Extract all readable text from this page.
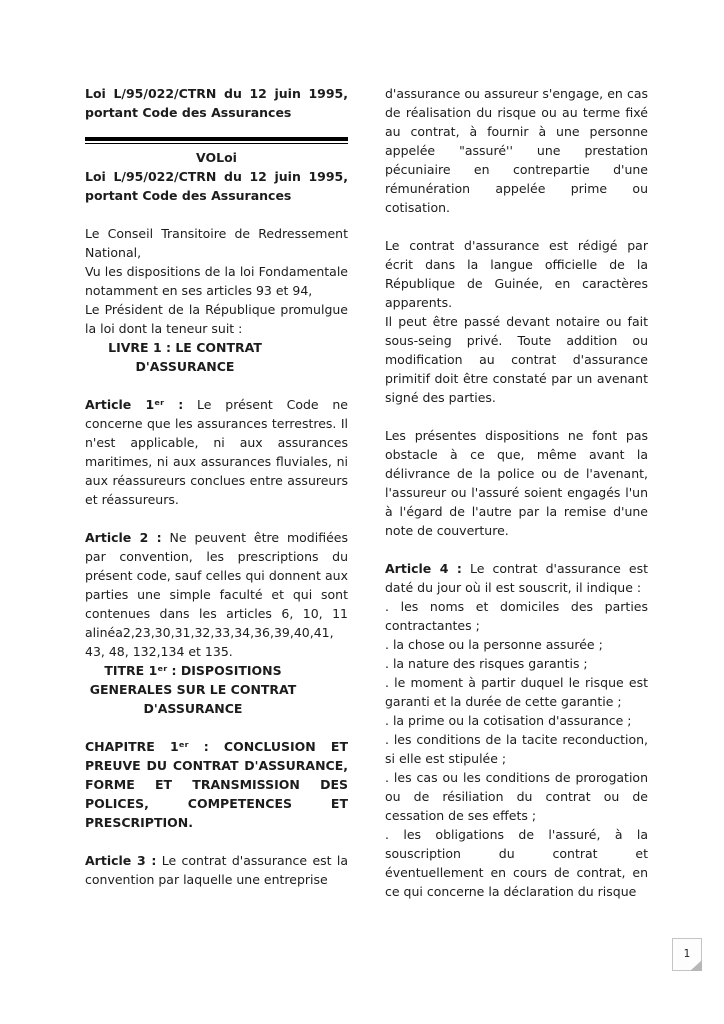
Loi L/95/022/CTRN du 12 juin 1995, portant Code des Assurances

VOLoi

Loi L/95/022/CTRN du 12 juin 1995, portant Code des Assurances

Le Conseil Transitoire de Redressement National,

Vu les dispositions de la loi Fondamentale notamment en ses articles 93 et 94,

Le Président de la République promulgue la loi dont la teneur suit :

LIVRE 1 : LE CONTRAT D'ASSURANCE

Article 1ᵉʳ : Le présent Code ne concerne que les assurances terrestres. Il n'est applicable, ni aux assurances maritimes, ni aux assurances fluviales, ni aux réassureurs conclues entre assureurs et réassureurs.

Article 2 : Ne peuvent être modifiées par convention, les prescriptions du présent code, sauf celles qui donnent aux parties une simple faculté et qui sont contenues dans les articles 6, 10, 11 alinéa2,23,30,31,32,33,34,36,39,40,41, 43, 48, 132,134 et 135.

TITRE 1ᵉʳ : DISPOSITIONS GENERALES SUR LE CONTRAT D'ASSURANCE

CHAPITRE 1ᵉʳ : CONCLUSION ET PREUVE DU CONTRAT D'ASSURANCE, FORME ET TRANSMISSION DES POLICES, COMPETENCES ET PRESCRIPTION.

Article 3 : Le contrat d'assurance est la convention par laquelle une entreprise

d'assurance ou assureur s'engage, en cas de réalisation du risque ou au terme fixé au contrat, à fournir à une personne appelée "assuré'' une prestation pécuniaire en contrepartie d'une rémunération appelée prime ou cotisation.

Le contrat d'assurance est rédigé par écrit dans la langue officielle de la République de Guinée, en caractères apparents.

Il peut être passé devant notaire ou fait sous-seing privé. Toute addition ou modification au contrat d'assurance primitif doit être constaté par un avenant signé des parties.

Les présentes dispositions ne font pas obstacle à ce que, même avant la délivrance de la police ou de l'avenant, l'assureur ou l'assuré soient engagés l'un à l'égard de l'autre par la remise d'une note de couverture.

Article 4 : Le contrat d'assurance est daté du jour où il est souscrit, il indique :

. les noms et domiciles des parties contractantes ;

. la chose ou la personne assurée ;

. la nature des risques garantis ;

. le moment à partir duquel le risque est garanti et la durée de cette garantie ;

. la prime ou la cotisation d'assurance ;

. les conditions de la tacite reconduction, si elle est stipulée ;

. les cas ou les conditions de prorogation ou de résiliation du contrat ou de cessation de ses effets ;

. les obligations de l'assuré, à la souscription du contrat et éventuellement en cours de contrat, en ce qui concerne la déclaration du risque

1
